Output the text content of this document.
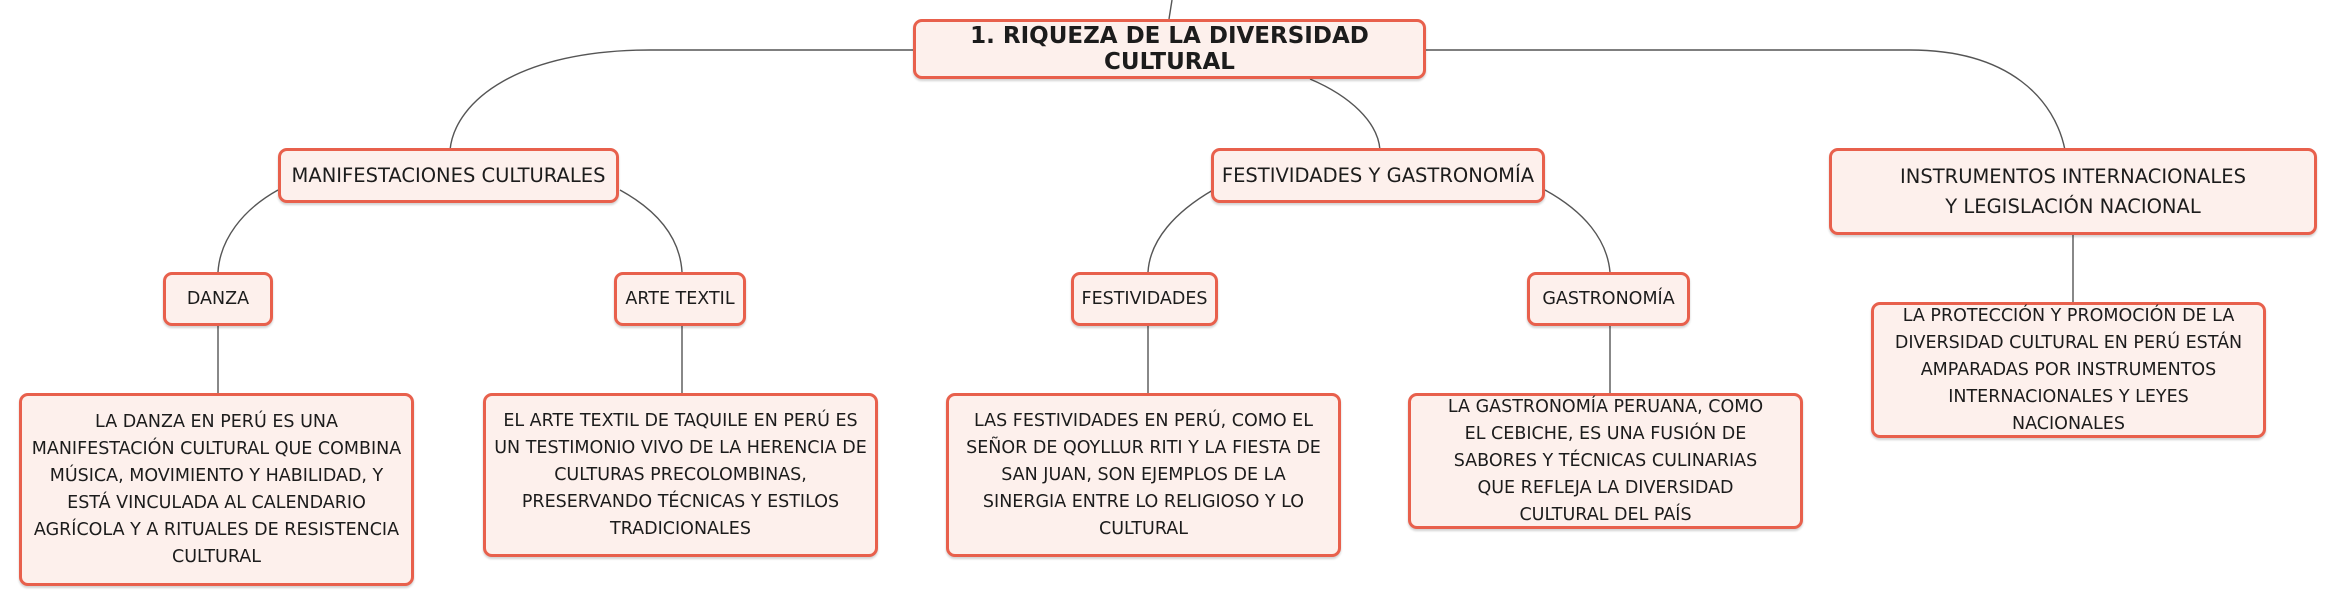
1. RIQUEZA DE LA DIVERSIDAD CULTURAL
MANIFESTACIONES CULTURALES	FESTIVIDADES Y GASTRONOMÍA	INSTRUMENTOS INTERNACIONALES Y LEGISLACIÓN NACIONAL
DANZA	ARTE TEXTIL	FESTIVIDADES	GASTRONOMÍA
LA DANZA EN PERÚ ES UNA MANIFESTACIÓN CULTURAL QUE COMBINA MÚSICA, MOVIMIENTO Y HABILIDAD, Y ESTÁ VINCULADA AL CALENDARIO AGRÍCOLA Y A RITUALES DE RESISTENCIA CULTURAL
EL ARTE TEXTIL DE TAQUILE EN PERÚ ES UN TESTIMONIO VIVO DE LA HERENCIA DE CULTURAS PRECOLOMBINAS, PRESERVANDO TÉCNICAS Y ESTILOS TRADICIONALES
LAS FESTIVIDADES EN PERÚ, COMO EL SEÑOR DE QOYLLUR RITI Y LA FIESTA DE SAN JUAN, SON EJEMPLOS DE LA SINERGIA ENTRE LO RELIGIOSO Y LO CULTURAL
LA GASTRONOMÍA PERUANA, COMO EL CEBICHE, ES UNA FUSIÓN DE SABORES Y TÉCNICAS CULINARIAS QUE REFLEJA LA DIVERSIDAD CULTURAL DEL PAÍS
LA PROTECCIÓN Y PROMOCIÓN DE LA DIVERSIDAD CULTURAL EN PERÚ ESTÁN AMPARADAS POR INSTRUMENTOS INTERNACIONALES Y LEYES NACIONALES
